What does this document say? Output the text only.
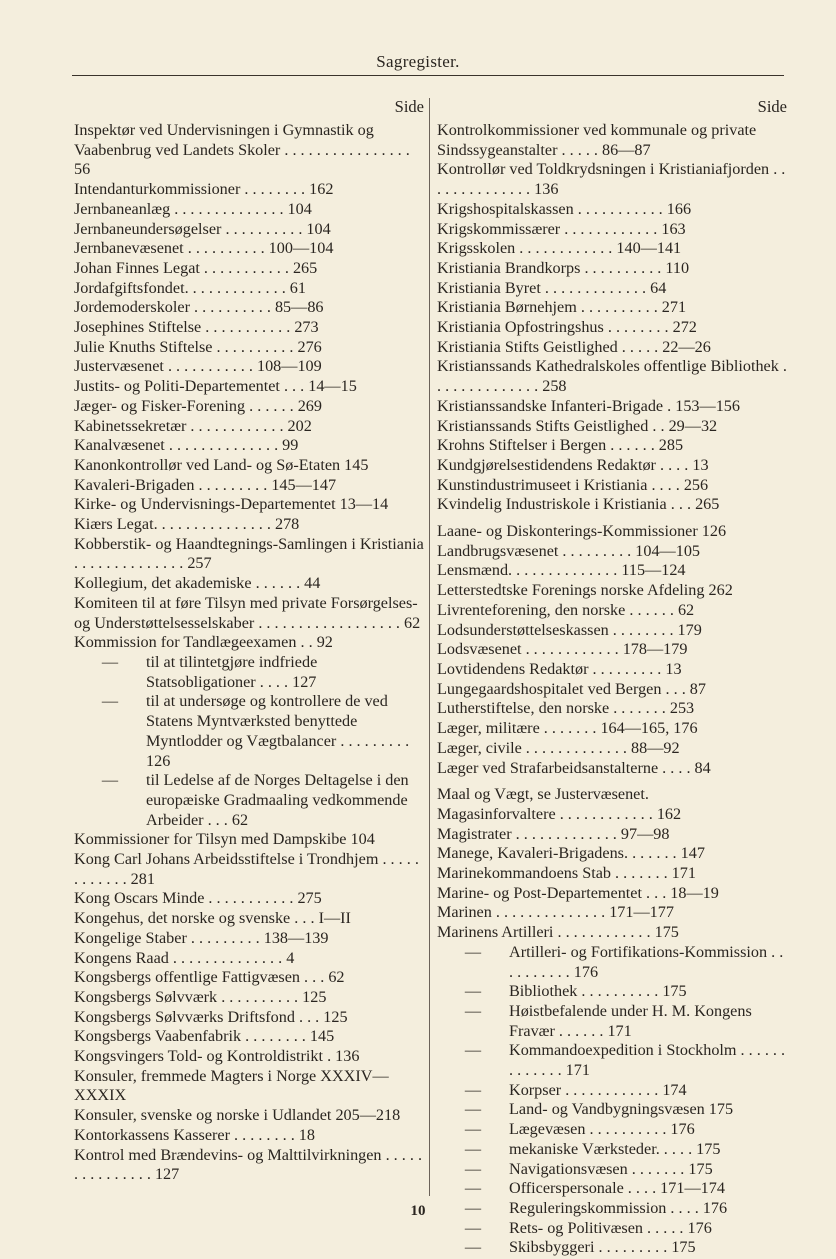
Sagregister.
Side
Inspektør ved Undervisningen i Gymnastik og Vaabenbrug ved Landets Skoler . . . . . . . . . . . . . . . . 56
Intendanturkommissioner . . . . . . . . 162
Jernbaneanlæg . . . . . . . . . . . . . . 104
Jernbaneundersøgelser . . . . . . . . . . 104
Jernbanevæsenet . . . . . . . . . . 100—104
Johan Finnes Legat . . . . . . . . . . . 265
Jordafgiftsfondet. . . . . . . . . . . . . 61
Jordemoderskoler . . . . . . . . . . 85—86
Josephines Stiftelse . . . . . . . . . . . 273
Julie Knuths Stiftelse . . . . . . . . . . 276
Justervæsenet . . . . . . . . . . . 108—109
Justits- og Politi-Departementet . . . 14—15
Jæger- og Fisker-Forening . . . . . . 269
Kabinetssekretær . . . . . . . . . . . . 202
Kanalvæsenet . . . . . . . . . . . . . . 99
Kanonkontrollør ved Land- og Sø-Etaten 145
Kavaleri-Brigaden . . . . . . . . . 145—147
Kirke- og Undervisnings-Departementet 13—14
Kiærs Legat. . . . . . . . . . . . . . . 278
Kobberstik- og Haandtegnings-Samlingen i Kristiania . . . . . . . . . . . . . . 257
Kollegium, det akademiske . . . . . . 44
Komiteen til at føre Tilsyn med private Forsørgelses- og Understøttelsesselskaber . . . . . . . . . . . . . . . . . . 62
Kommission for Tandlægeexamen . . 92
—	til at tilintetgjøre indfriede Statsobligationer . . . . 127
—	til at undersøge og kontrollere de ved Statens Myntværksted benyttede Myntlodder og Vægtbalancer . . . . . . . . . 126
—	til Ledelse af de Norges Deltagelse i den europæiske Gradmaaling vedkommende Arbeider . . . 62
Kommissioner for Tilsyn med Dampskibe 104
Kong Carl Johans Arbeidsstiftelse i Trondhjem . . . . . . . . . . . . 281
Kong Oscars Minde . . . . . . . . . . . 275
Kongehus, det norske og svenske . . . I—II
Kongelige Staber . . . . . . . . . 138—139
Kongens Raad . . . . . . . . . . . . . . 4
Kongsbergs offentlige Fattigvæsen . . . 62
Kongsbergs Sølvværk . . . . . . . . . . 125
Kongsbergs Sølvværks Driftsfond . . . 125
Kongsbergs Vaabenfabrik . . . . . . . . 145
Kongsvingers Told- og Kontroldistrikt . 136
Konsuler, fremmede Magters i Norge XXXIV—XXXIX
Konsuler, svenske og norske i Udlandet 205—218
Kontorkassens Kasserer . . . . . . . . 18
Kontrol med Brændevins- og Malttilvirkningen . . . . . . . . . . . . . . . 127
Side
Kontrolkommissioner ved kommunale og private Sindssygeanstalter . . . . . 86—87
Kontrollør ved Toldkrydsningen i Kristianiafjorden . . . . . . . . . . . . . . 136
Krigshospitalskassen . . . . . . . . . . . 166
Krigskommissærer . . . . . . . . . . . . 163
Krigsskolen . . . . . . . . . . . . 140—141
Kristiania Brandkorps . . . . . . . . . . 110
Kristiania Byret . . . . . . . . . . . . . 64
Kristiania Børnehjem . . . . . . . . . . 271
Kristiania Opfostringshus . . . . . . . . 272
Kristiania Stifts Geistlighed . . . . . 22—26
Kristianssands Kathedralskoles offentlige Bibliothek . . . . . . . . . . . . . . 258
Kristianssandske Infanteri-Brigade . 153—156
Kristianssands Stifts Geistlighed . . 29—32
Krohns Stiftelser i Bergen . . . . . . 285
Kundgjørelsestidendens Redaktør . . . . 13
Kunstindustrimuseet i Kristiania . . . . 256
Kvindelig Industriskole i Kristiania . . . 265
Laane- og Diskonterings-Kommissioner 126
Landbrugsvæsenet . . . . . . . . . 104—105
Lensmænd. . . . . . . . . . . . . . 115—124
Letterstedtske Forenings norske Afdeling 262
Livrenteforening, den norske . . . . . . 62
Lodsunderstøttelseskassen . . . . . . . . 179
Lodsvæsenet . . . . . . . . . . . . 178—179
Lovtidendens Redaktør . . . . . . . . . 13
Lungegaardshospitalet ved Bergen . . . 87
Lutherstiftelse, den norske . . . . . . . 253
Læger, militære . . . . . . . 164—165, 176
Læger, civile . . . . . . . . . . . . . 88—92
Læger ved Strafarbeidsanstalterne . . . . 84
Maal og Vægt, se Justervæsenet.
Magasinforvaltere . . . . . . . . . . . . 162
Magistrater . . . . . . . . . . . . . 97—98
Manege, Kavaleri-Brigadens. . . . . . . 147
Marinekommandoens Stab . . . . . . . 171
Marine- og Post-Departementet . . . 18—19
Marinen . . . . . . . . . . . . . . 171—177
Marinens Artilleri . . . . . . . . . . . . 175
—	Artilleri- og Fortifikations-Kommission . . . . . . . . . . 176
—	Bibliothek . . . . . . . . . . 175
—	Høistbefalende under H. M. Kongens Fravær . . . . . . 171
—	Kommandoexpedition i Stockholm . . . . . . . . . . . . . 171
—	Korpser . . . . . . . . . . . . 174
—	Land- og Vandbygningsvæsen 175
—	Lægevæsen . . . . . . . . . . 176
—	mekaniske Værksteder. . . . . 175
—	Navigationsvæsen . . . . . . . 175
—	Officerspersonale . . . . 171—174
—	Reguleringskommission . . . . 176
—	Rets- og Politivæsen . . . . . 176
—	Skibsbyggeri . . . . . . . . . 175
10
